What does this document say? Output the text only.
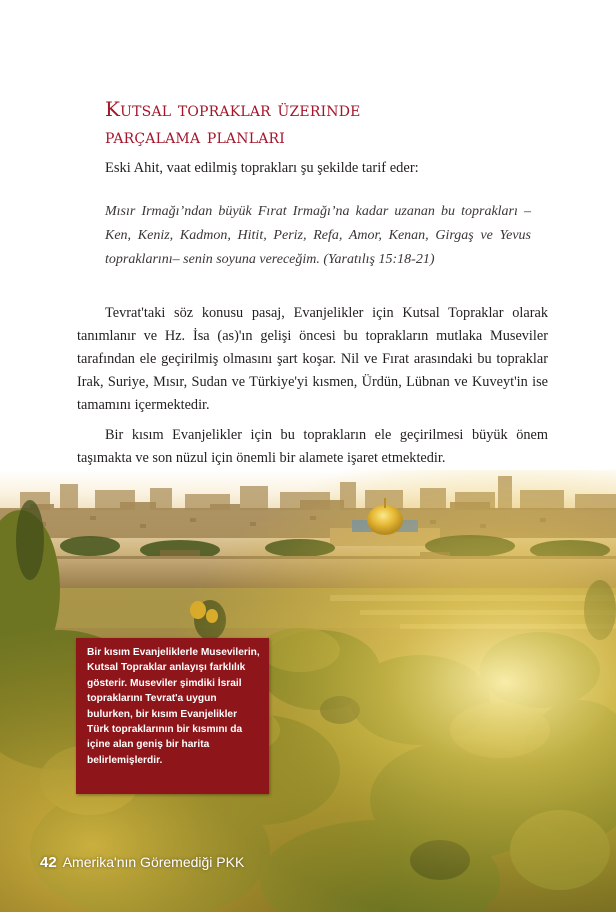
Kutsal topraklar üzerinde
parçalama planları

Eski Ahit, vaat edilmiş toprakları şu şekilde tarif eder:

Mısır Irmağı’ndan büyük Fırat Irmağı’na kadar uzanan bu toprakları –Ken, Keniz, Kadmon, Hitit, Periz, Refa, Amor, Kenan, Girgaş ve Yevus topraklarını– senin soyuna vereceğim. (Yaratılış 15:18-21)

Tevrat'taki söz konusu pasaj, Evanjelikler için Kutsal Topraklar olarak tanımlanır ve Hz. İsa (as)'ın gelişi öncesi bu toprakların mutlaka Museviler tarafından ele geçirilmiş olmasını şart koşar. Nil ve Fırat arasındaki bu topraklar Irak, Suriye, Mısır, Sudan ve Türkiye'yi kısmen, Ürdün, Lübnan ve Kuveyt'in ise tamamını içermektedir.

Bir kısım Evanjelikler için bu toprakların ele geçirilmesi büyük önem taşımakta ve son nüzul için önemli bir alamete işaret etmektedir.

Bir kısım Evanjeliklerle Musevilerin, Kutsal Topraklar anlayışı farklılık gösterir. Museviler şimdiki İsrail topraklarını Tevrat'a uygun bulurken, bir kısım Evanjelikler Türk topraklarının bir kısmını da içine alan geniş bir harita belirlemişlerdir.
42 Amerika'nın Göremediği PKK
